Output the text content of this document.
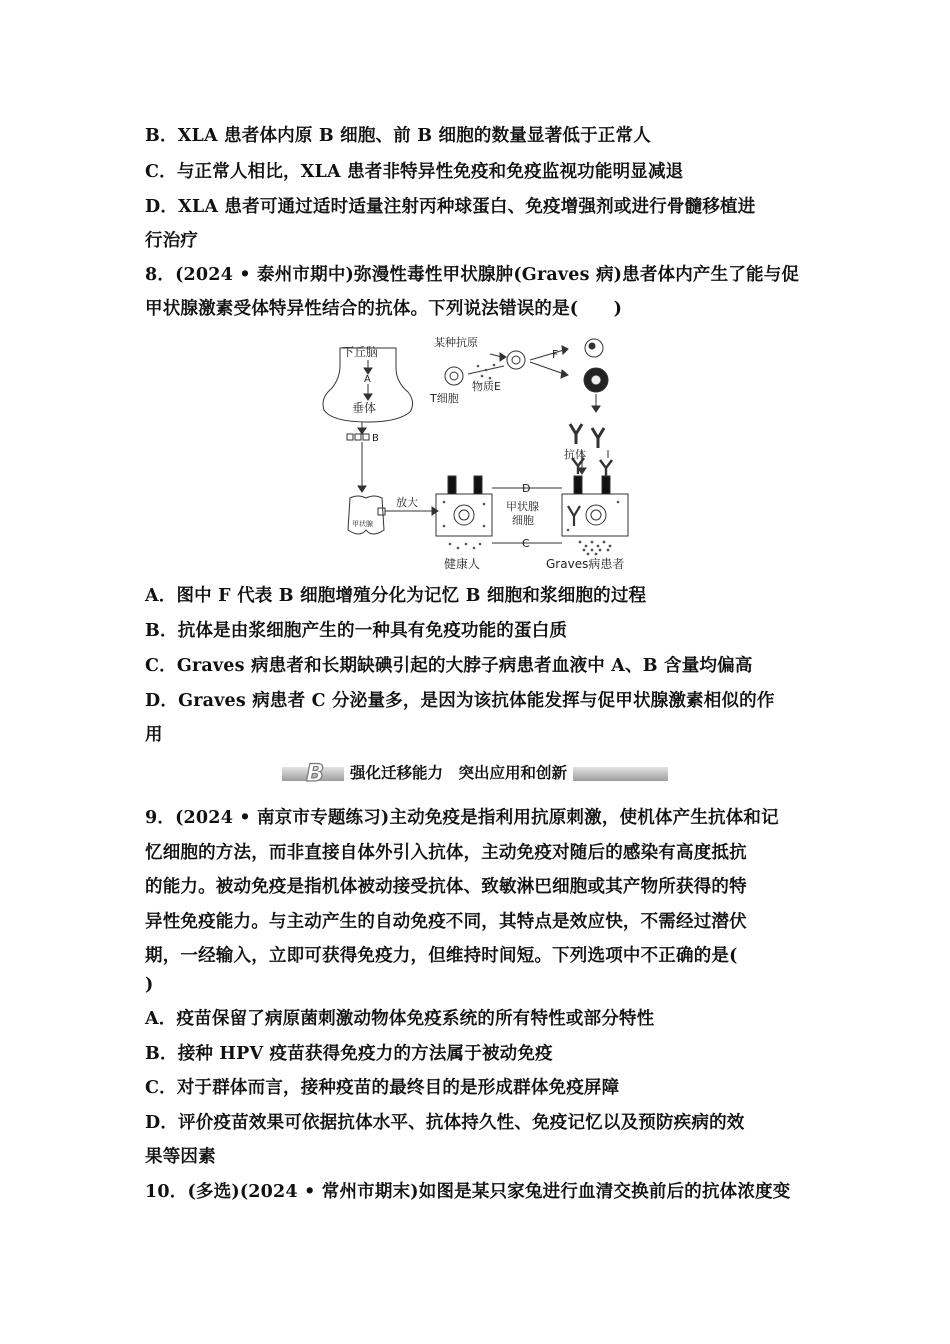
B．XLA 患者体内原 B 细胞、前 B 细胞的数量显著低于正常人
C．与正常人相比，XLA 患者非特异性免疫和免疫监视功能明显减退
D．XLA 患者可通过适时适量注射丙种球蛋白、免疫增强剂或进行骨髓移植进
行治疗
8．(2024 • 泰州市期中)弥漫性毒性甲状腺肿(Graves 病)患者体内产生了能与促
甲状腺激素受体特异性结合的抗体。下列说法错误的是(　　)
下丘脑
A
垂体
B
甲状腺
放大
某种抗原
T细胞
物质E
F
抗体
D
甲状腺
细胞
C
健康人	Graves病患者
A．图中 F 代表 B 细胞增殖分化为记忆 B 细胞和浆细胞的过程
B．抗体是由浆细胞产生的一种具有免疫功能的蛋白质
C．Graves 病患者和长期缺碘引起的大脖子病患者血液中 A、B 含量均偏高
D．Graves 病患者 C 分泌量多，是因为该抗体能发挥与促甲状腺激素相似的作
用
B	强化迁移能力　突出应用和创新
9．(2024 • 南京市专题练习)主动免疫是指利用抗原刺激，使机体产生抗体和记
忆细胞的方法，而非直接自体外引入抗体，主动免疫对随后的感染有高度抵抗
的能力。被动免疫是指机体被动接受抗体、致敏淋巴细胞或其产物所获得的特
异性免疫能力。与主动产生的自动免疫不同，其特点是效应快，不需经过潜伏
期，一经输入，立即可获得免疫力，但维持时间短。下列选项中不正确的是(
)
A．疫苗保留了病原菌刺激动物体免疫系统的所有特性或部分特性
B．接种 HPV 疫苗获得免疫力的方法属于被动免疫
C．对于群体而言，接种疫苗的最终目的是形成群体免疫屏障
D．评价疫苗效果可依据抗体水平、抗体持久性、免疫记忆以及预防疾病的效
果等因素
10．(多选)(2024 • 常州市期末)如图是某只家兔进行血清交换前后的抗体浓度变
